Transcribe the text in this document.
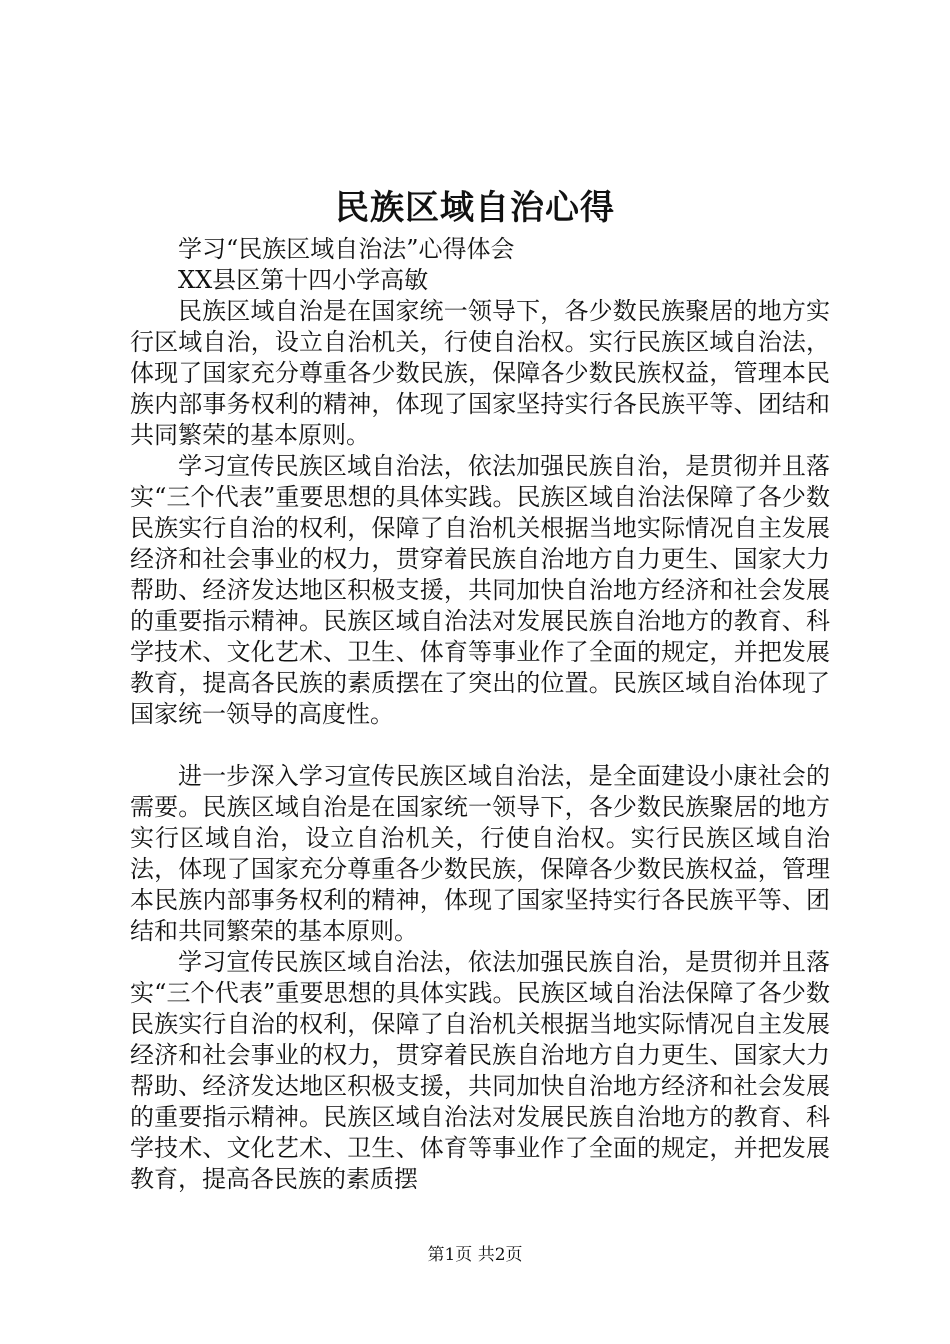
民族区域自治心得

学习“民族区域自治法”心得体会

XX县区第十四小学高敏

民族区域自治是在国家统一领导下，各少数民族聚居的地方实行区域自治，设立自治机关，行使自治权。实行民族区域自治法，体现了国家充分尊重各少数民族，保障各少数民族权益，管理本民族内部事务权利的精神，体现了国家坚持实行各民族平等、团结和共同繁荣的基本原则。

学习宣传民族区域自治法，依法加强民族自治，是贯彻并且落实“三个代表”重要思想的具体实践。民族区域自治法保障了各少数民族实行自治的权利，保障了自治机关根据当地实际情况自主发展经济和社会事业的权力，贯穿着民族自治地方自力更生、国家大力帮助、经济发达地区积极支援，共同加快自治地方经济和社会发展的重要指示精神。民族区域自治法对发展民族自治地方的教育、科学技术、文化艺术、卫生、体育等事业作了全面的规定，并把发展教育，提高各民族的素质摆在了突出的位置。民族区域自治体现了国家统一领导的高度性。

进一步深入学习宣传民族区域自治法，是全面建设小康社会的需要。民族区域自治是在国家统一领导下，各少数民族聚居的地方实行区域自治，设立自治机关，行使自治权。实行民族区域自治法，体现了国家充分尊重各少数民族，保障各少数民族权益，管理本民族内部事务权利的精神，体现了国家坚持实行各民族平等、团结和共同繁荣的基本原则。

学习宣传民族区域自治法，依法加强民族自治，是贯彻并且落实“三个代表”重要思想的具体实践。民族区域自治法保障了各少数民族实行自治的权利，保障了自治机关根据当地实际情况自主发展经济和社会事业的权力，贯穿着民族自治地方自力更生、国家大力帮助、经济发达地区积极支援，共同加快自治地方经济和社会发展的重要指示精神。民族区域自治法对发展民族自治地方的教育、科学技术、文化艺术、卫生、体育等事业作了全面的规定，并把发展教育，提高各民族的素质摆

第1页 共2页
